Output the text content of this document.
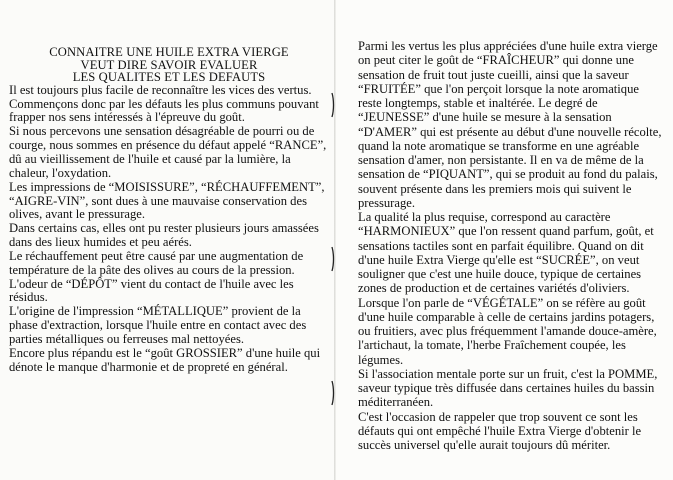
CONNAITRE UNE HUILE EXTRA VIERGE
VEUT DIRE SAVOIR EVALUER
LES QUALITES ET LES DEFAUTS

Il est toujours plus facile de reconnaître les vices des vertus.

Commençons donc par les défauts les plus communs pouvant frapper nos sens intéressés à l'épreuve du goût.

Si nous percevons une sensation désagréable de pourri ou de courge, nous sommes en présence du défaut appelé “RANCE”, dû au vieillissement de l'huile et causé par la lumière, la chaleur, l'oxydation.

Les impressions de “MOISISSURE”, “RÉCHAUFFEMENT”, “AIGRE-VIN”, sont dues à une mauvaise conservation des olives, avant le pressurage.

Dans certains cas, elles ont pu rester plusieurs jours amassées dans des lieux humides et peu aérés.

Le réchauffement peut être causé par une augmentation de température de la pâte des olives au cours de la pression.

L'odeur de “DÉPÔT” vient du contact de l'huile avec les résidus.

L'origine de l'impression “MÉTALLIQUE” provient de la phase d'extraction, lorsque l'huile entre en contact avec des parties métalliques ou ferreuses mal nettoyées.

Encore plus répandu est le “goût GROSSIER” d'une huile qui dénote le manque d'harmonie et de propreté en général.

Parmi les vertus les plus appréciées d'une huile extra vierge on peut citer le goût de “FRAÎCHEUR” qui donne une sensation de fruit tout juste cueilli, ainsi que la saveur “FRUITÉE” que l'on perçoit lorsque la note aromatique reste longtemps, stable et inaltérée. Le degré de “JEUNESSE” d'une huile se mesure à la sensation “D'AMER” qui est présente au début d'une nouvelle récolte, quand la note aromatique se transforme en une agréable sensation d'amer, non persistante. Il en va de même de la sensation de “PIQUANT”, qui se produit au fond du palais, souvent présente dans les premiers mois qui suivent le pressurage.

La qualité la plus requise, correspond au caractère “HARMONIEUX” que l'on ressent quand parfum, goût, et sensations tactiles sont en parfait équilibre. Quand on dit d'une huile Extra Vierge qu'elle est “SUCRÉE”, on veut souligner que c'est une huile douce, typique de certaines zones de production et de certaines variétés d'oliviers. Lorsque l'on parle de “VÉGÉTALE” on se réfère au goût d'une huile comparable à celle de certains jardins potagers, ou fruitiers, avec plus fréquemment l'amande douce-amère, l'artichaut, la tomate, l'herbe Fraîchement coupée, les légumes.

Si l'association mentale porte sur un fruit, c'est la POMME, saveur typique très diffusée dans certaines huiles du bassin méditerranéen.

C'est l'occasion de rappeler que trop souvent ce sont les défauts qui ont empêché l'huile Extra Vierge d'obtenir le succès universel qu'elle aurait toujours dû mériter.
